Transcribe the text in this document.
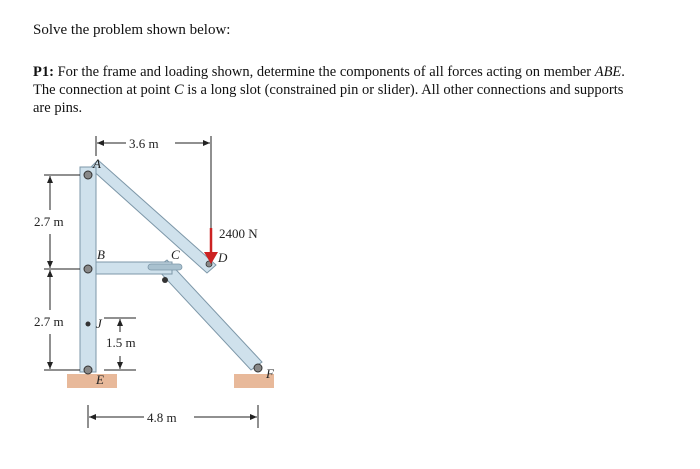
Solve the problem shown below:
P1: For the frame and loading shown, determine the components of all forces acting on member ABE. The connection at point C is a long slot (constrained pin or slider). All other connections and supports are pins.
3.6 m
2.7 m
2.7 m
1.5 m
4.8 m
2400 N
A
B	C	D
J
E	F
